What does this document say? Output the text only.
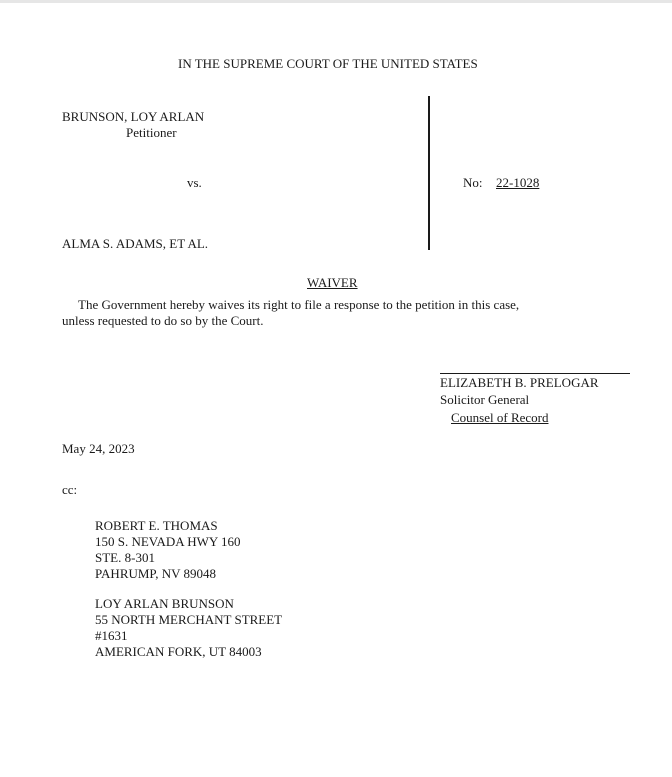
IN THE SUPREME COURT OF THE UNITED STATES
BRUNSON, LOY ARLAN
Petitioner
vs.	No: 22-1028
ALMA S. ADAMS, ET AL.
WAIVER
The Government hereby waives its right to file a response to the petition in this case,
unless requested to do so by the Court.
ELIZABETH B. PRELOGAR
Solicitor General
Counsel of Record
May 24, 2023
cc:
ROBERT E. THOMAS
150 S. NEVADA HWY 160
STE. 8-301
PAHRUMP, NV 89048
LOY ARLAN BRUNSON
55 NORTH MERCHANT STREET
#1631
AMERICAN FORK, UT 84003
